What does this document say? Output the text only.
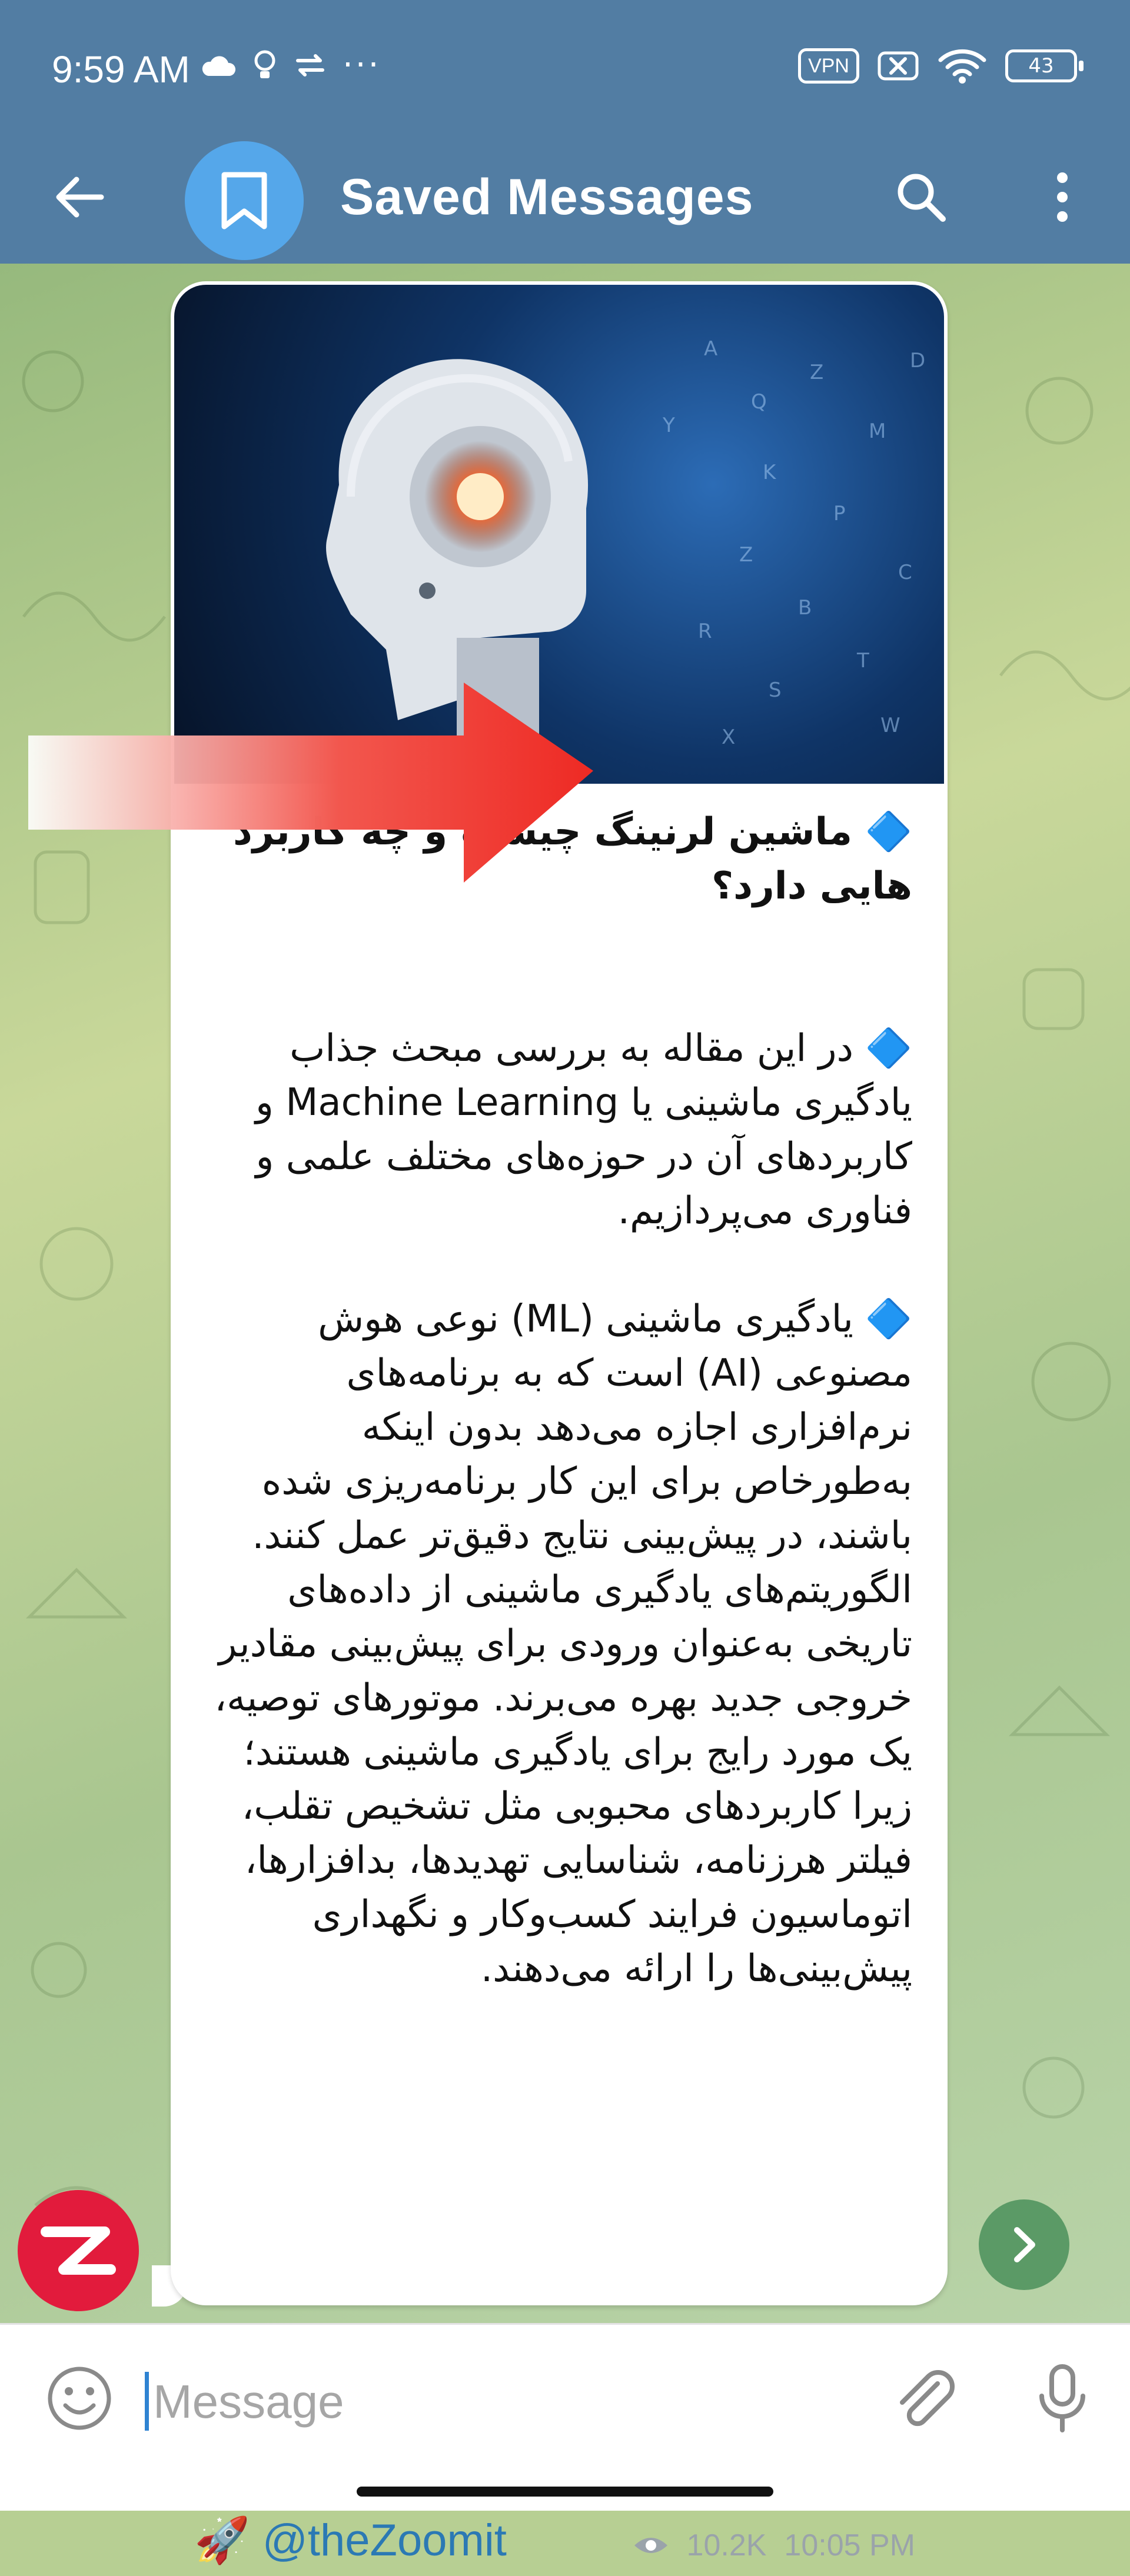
9:59 AM	···	VPN	43
Saved Messages
A
Q
Z
M
K
P
Z
C
B
R
T
S
D
Y
W
X
🔷 ماشین لرنینگ چیست و چه کاربرد هایی دارد؟
🔷 در این مقاله به بررسی مبحث جذاب یادگیری ماشینی یا Machine Learning و کاربردهای آن در حوزه‌های مختلف علمی و فناوری می‌پردازیم.
🔷 یادگیری ماشینی (ML) نوعی هوش مصنوعی (AI) است که به برنامه‌های نرم‌افزاری اجازه می‌دهد بدون اینکه به‌طورخاص برای این کار برنامه‌ریزی شده باشند، در پیش‌بینی نتایج دقیق‌تر عمل کنند. الگوریتم‌های یادگیری ماشینی از داده‌های تاریخی به‌عنوان ورودی برای پیش‌بینی مقادیر خروجی جدید بهره می‌برند. موتورهای توصیه، یک مورد رایج برای یادگیری ماشینی هستند؛ زیرا کاربردهای محبوبی مثل تشخیص تقلب، فیلتر هرزنامه، شناسایی تهدیدها، بدافزارها، اتوماسیون فرایند کسب‌وکار و نگهداری پیش‌بینی‌ها را ارائه می‌دهند.
🚀 @theZoomit	10.2K 10:05 PM
Message
